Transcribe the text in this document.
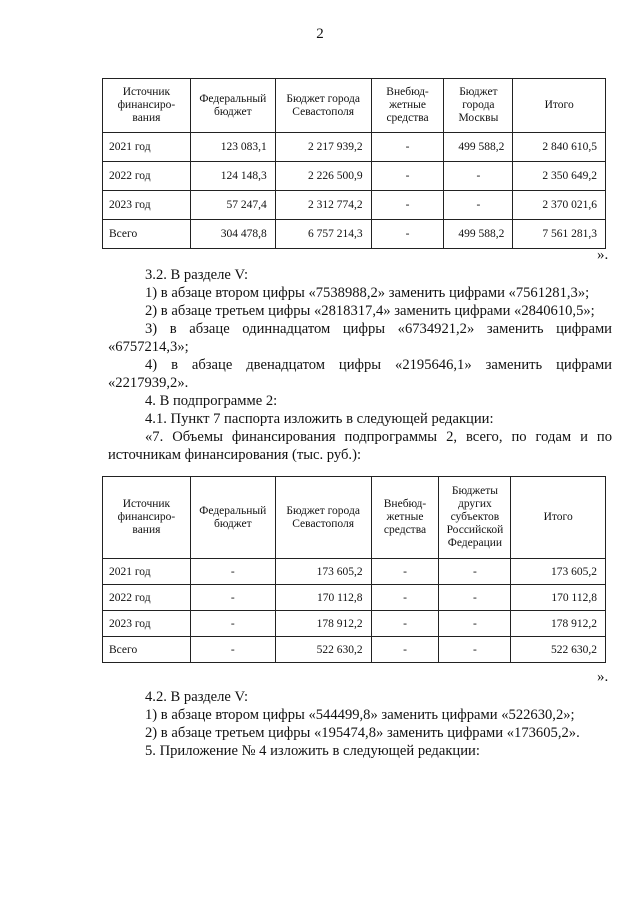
2
Источник финансиро-вания	Федеральный бюджет	Бюджет города Севастополя	Внебюд-жетные средства	Бюджет города Москвы	Итого
2021 год	123 083,1	2 217 939,2	-	499 588,2	2 840 610,5
2022 год	124 148,3	2 226 500,9	-	-	2 350 649,2
2023 год	57 247,4	2 312 774,2	-	-	2 370 021,6
Всего	304 478,8	6 757 214,3	-	499 588,2	7 561 281,3
».

3.2. В разделе V:

1) в абзаце втором цифры «7538988,2» заменить цифрами «7561281,3»;

2) в абзаце третьем цифры «2818317,4» заменить цифрами «2840610,5»;

3) в абзаце одиннадцатом цифры «6734921,2» заменить цифрами «6757214,3»;

4) в абзаце двенадцатом цифры «2195646,1» заменить цифрами «2217939,2».

4. В подпрограмме 2:

4.1. Пункт 7 паспорта изложить в следующей редакции:

«7. Объемы финансирования подпрограммы 2, всего, по годам и по источникам финансирования (тыс. руб.):

Источник финансиро-вания	Федеральный бюджет	Бюджет города Севастополя	Внебюд-жетные средства	Бюджеты других субъектов Российской Федерации	Итого
2021 год	-	173 605,2	-	-	173 605,2
2022 год	-	170 112,8	-	-	170 112,8
2023 год	-	178 912,2	-	-	178 912,2
Всего	-	522 630,2	-	-	522 630,2
».

4.2. В разделе V:

1) в абзаце втором цифры «544499,8» заменить цифрами «522630,2»;

2) в абзаце третьем цифры «195474,8» заменить цифрами «173605,2».

5. Приложение № 4 изложить в следующей редакции:
